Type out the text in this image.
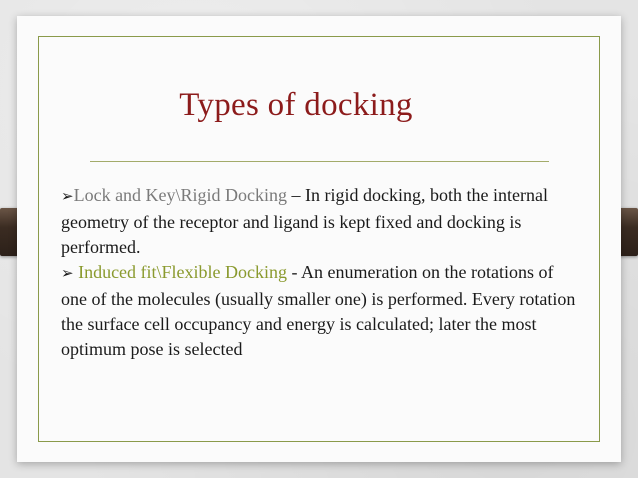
Types of docking
➢Lock and Key\Rigid Docking – In rigid docking, both the internal geometry of the receptor and ligand is kept fixed and docking is performed.
➢ Induced fit\Flexible Docking - An enumeration on the rotations of one of the molecules (usually smaller one) is performed. Every rotation the surface cell occupancy and energy is calculated; later the most optimum pose is selected
